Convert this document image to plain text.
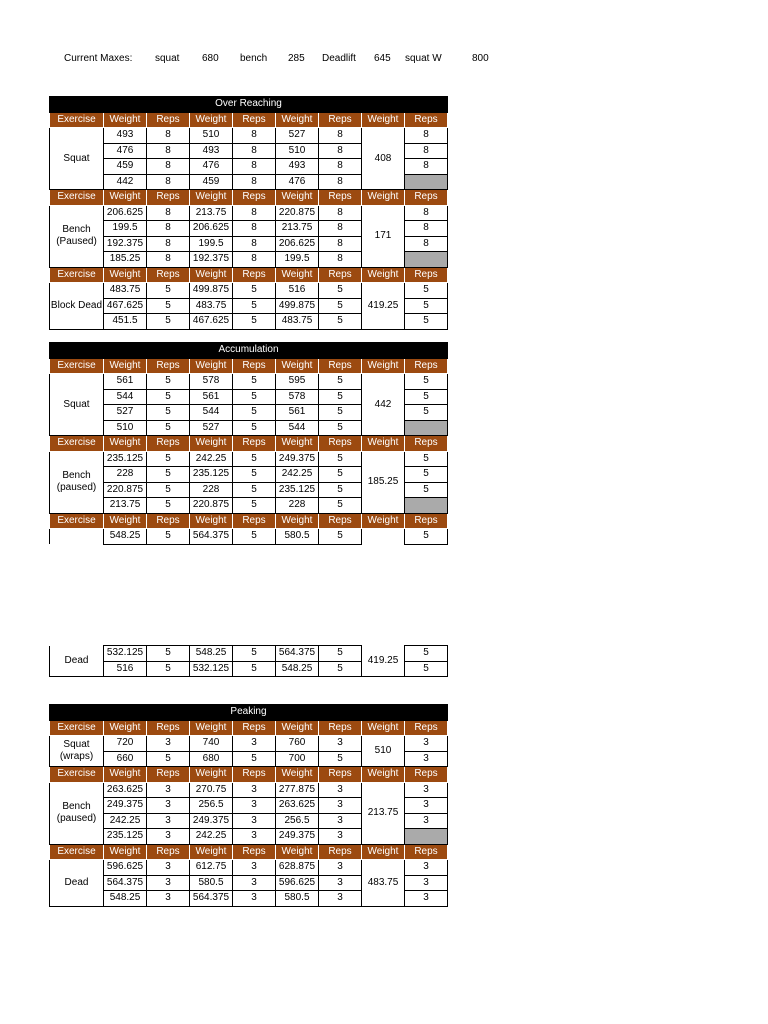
Current Maxes: squat 680 bench 285 Deadlift 645 squat W	800
Over Reaching								
Exercise	Weight	Reps	Weight	Reps	Weight	Reps	Weight	Reps
Squat	493	8	510	8	527	8	408	8
	476	8	493	8	510	8		8
	459	8	476	8	493	8		8
	442	8	459	8	476	8		
Exercise	Weight	Reps	Weight	Reps	Weight	Reps	Weight	Reps
Bench (Paused)	206.625	8	213.75	8	220.875	8	171	8
	199.5	8	206.625	8	213.75	8		8
	192.375	8	199.5	8	206.625	8		8
	185.25	8	192.375	8	199.5	8		
Exercise	Weight	Reps	Weight	Reps	Weight	Reps	Weight	Reps
Block Dead	483.75	5	499.875	5	516	5	419.25	5
	467.625	5	483.75	5	499.875	5		5
	451.5	5	467.625	5	483.75	5		5
Accumulation								
Exercise	Weight	Reps	Weight	Reps	Weight	Reps	Weight	Reps
Squat	561	5	578	5	595	5	442	5
	544	5	561	5	578	5		5
	527	5	544	5	561	5		5
	510	5	527	5	544	5		
Exercise	Weight	Reps	Weight	Reps	Weight	Reps	Weight	Reps
Bench (paused)	235.125	5	242.25	5	249.375	5	185.25	5
	228	5	235.125	5	242.25	5		5
	220.875	5	228	5	235.125	5		5
	213.75	5	220.875	5	228	5		
Exercise	Weight	Reps	Weight	Reps	Weight	Reps	Weight	Reps
	548.25	5	564.375	5	580.5	5		5
Dead	532.125	5	548.25	5	564.375	5	419.25	5
	516	5	532.125	5	548.25	5		5
Peaking								
Exercise	Weight	Reps	Weight	Reps	Weight	Reps	Weight	Reps
Squat (wraps)	720	3	740	3	760	3	510	3
	660	5	680	5	700	5		3
Exercise	Weight	Reps	Weight	Reps	Weight	Reps	Weight	Reps
Bench (paused)	263.625	3	270.75	3	277.875	3	213.75	3
	249.375	3	256.5	3	263.625	3		3
	242.25	3	249.375	3	256.5	3		3
	235.125	3	242.25	3	249.375	3		
Exercise	Weight	Reps	Weight	Reps	Weight	Reps	Weight	Reps
Dead	596.625	3	612.75	3	628.875	3	483.75	3
	564.375	3	580.5	3	596.625	3		3
	548.25	3	564.375	3	580.5	3		3
